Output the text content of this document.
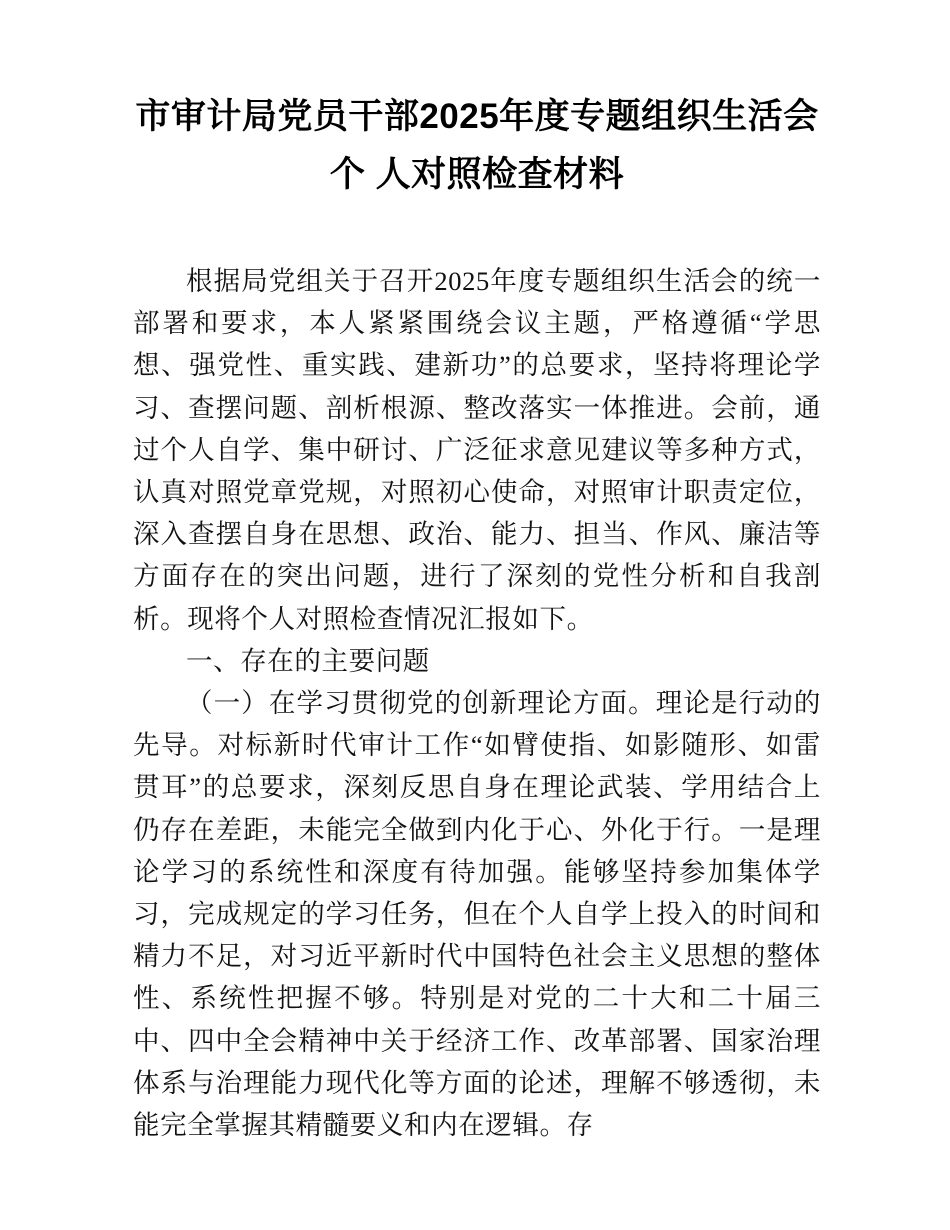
市审计局党员干部2025年度专题组织生活会个 人对照检查材料

根据局党组关于召开2025年度专题组织生活会的统一部署和要求，本人紧紧围绕会议主题，严格遵循“学思想、强党性、重实践、建新功”的总要求，坚持将理论学习、查摆问题、剖析根源、整改落实一体推进。会前，通过个人自学、集中研讨、广泛征求意见建议等多种方式，认真对照党章党规，对照初心使命，对照审计职责定位，深入查摆自身在思想、政治、能力、担当、作风、廉洁等方面存在的突出问题，进行了深刻的党性分析和自我剖析。现将个人对照检查情况汇报如下。

一、存在的主要问题

（一）在学习贯彻党的创新理论方面。理论是行动的先导。对标新时代审计工作“如臂使指、如影随形、如雷贯耳”的总要求，深刻反思自身在理论武装、学用结合上仍存在差距，未能完全做到内化于心、外化于行。一是理论学习的系统性和深度有待加强。能够坚持参加集体学习，完成规定的学习任务，但在个人自学上投入的时间和精力不足，对习近平新时代中国特色社会主义思想的整体性、系统性把握不够。特别是对党的二十大和二十届三中、四中全会精神中关于经济工作、改革部署、国家治理体系与治理能力现代化等方面的论述，理解不够透彻，未能完全掌握其精髓要义和内在逻辑。存
